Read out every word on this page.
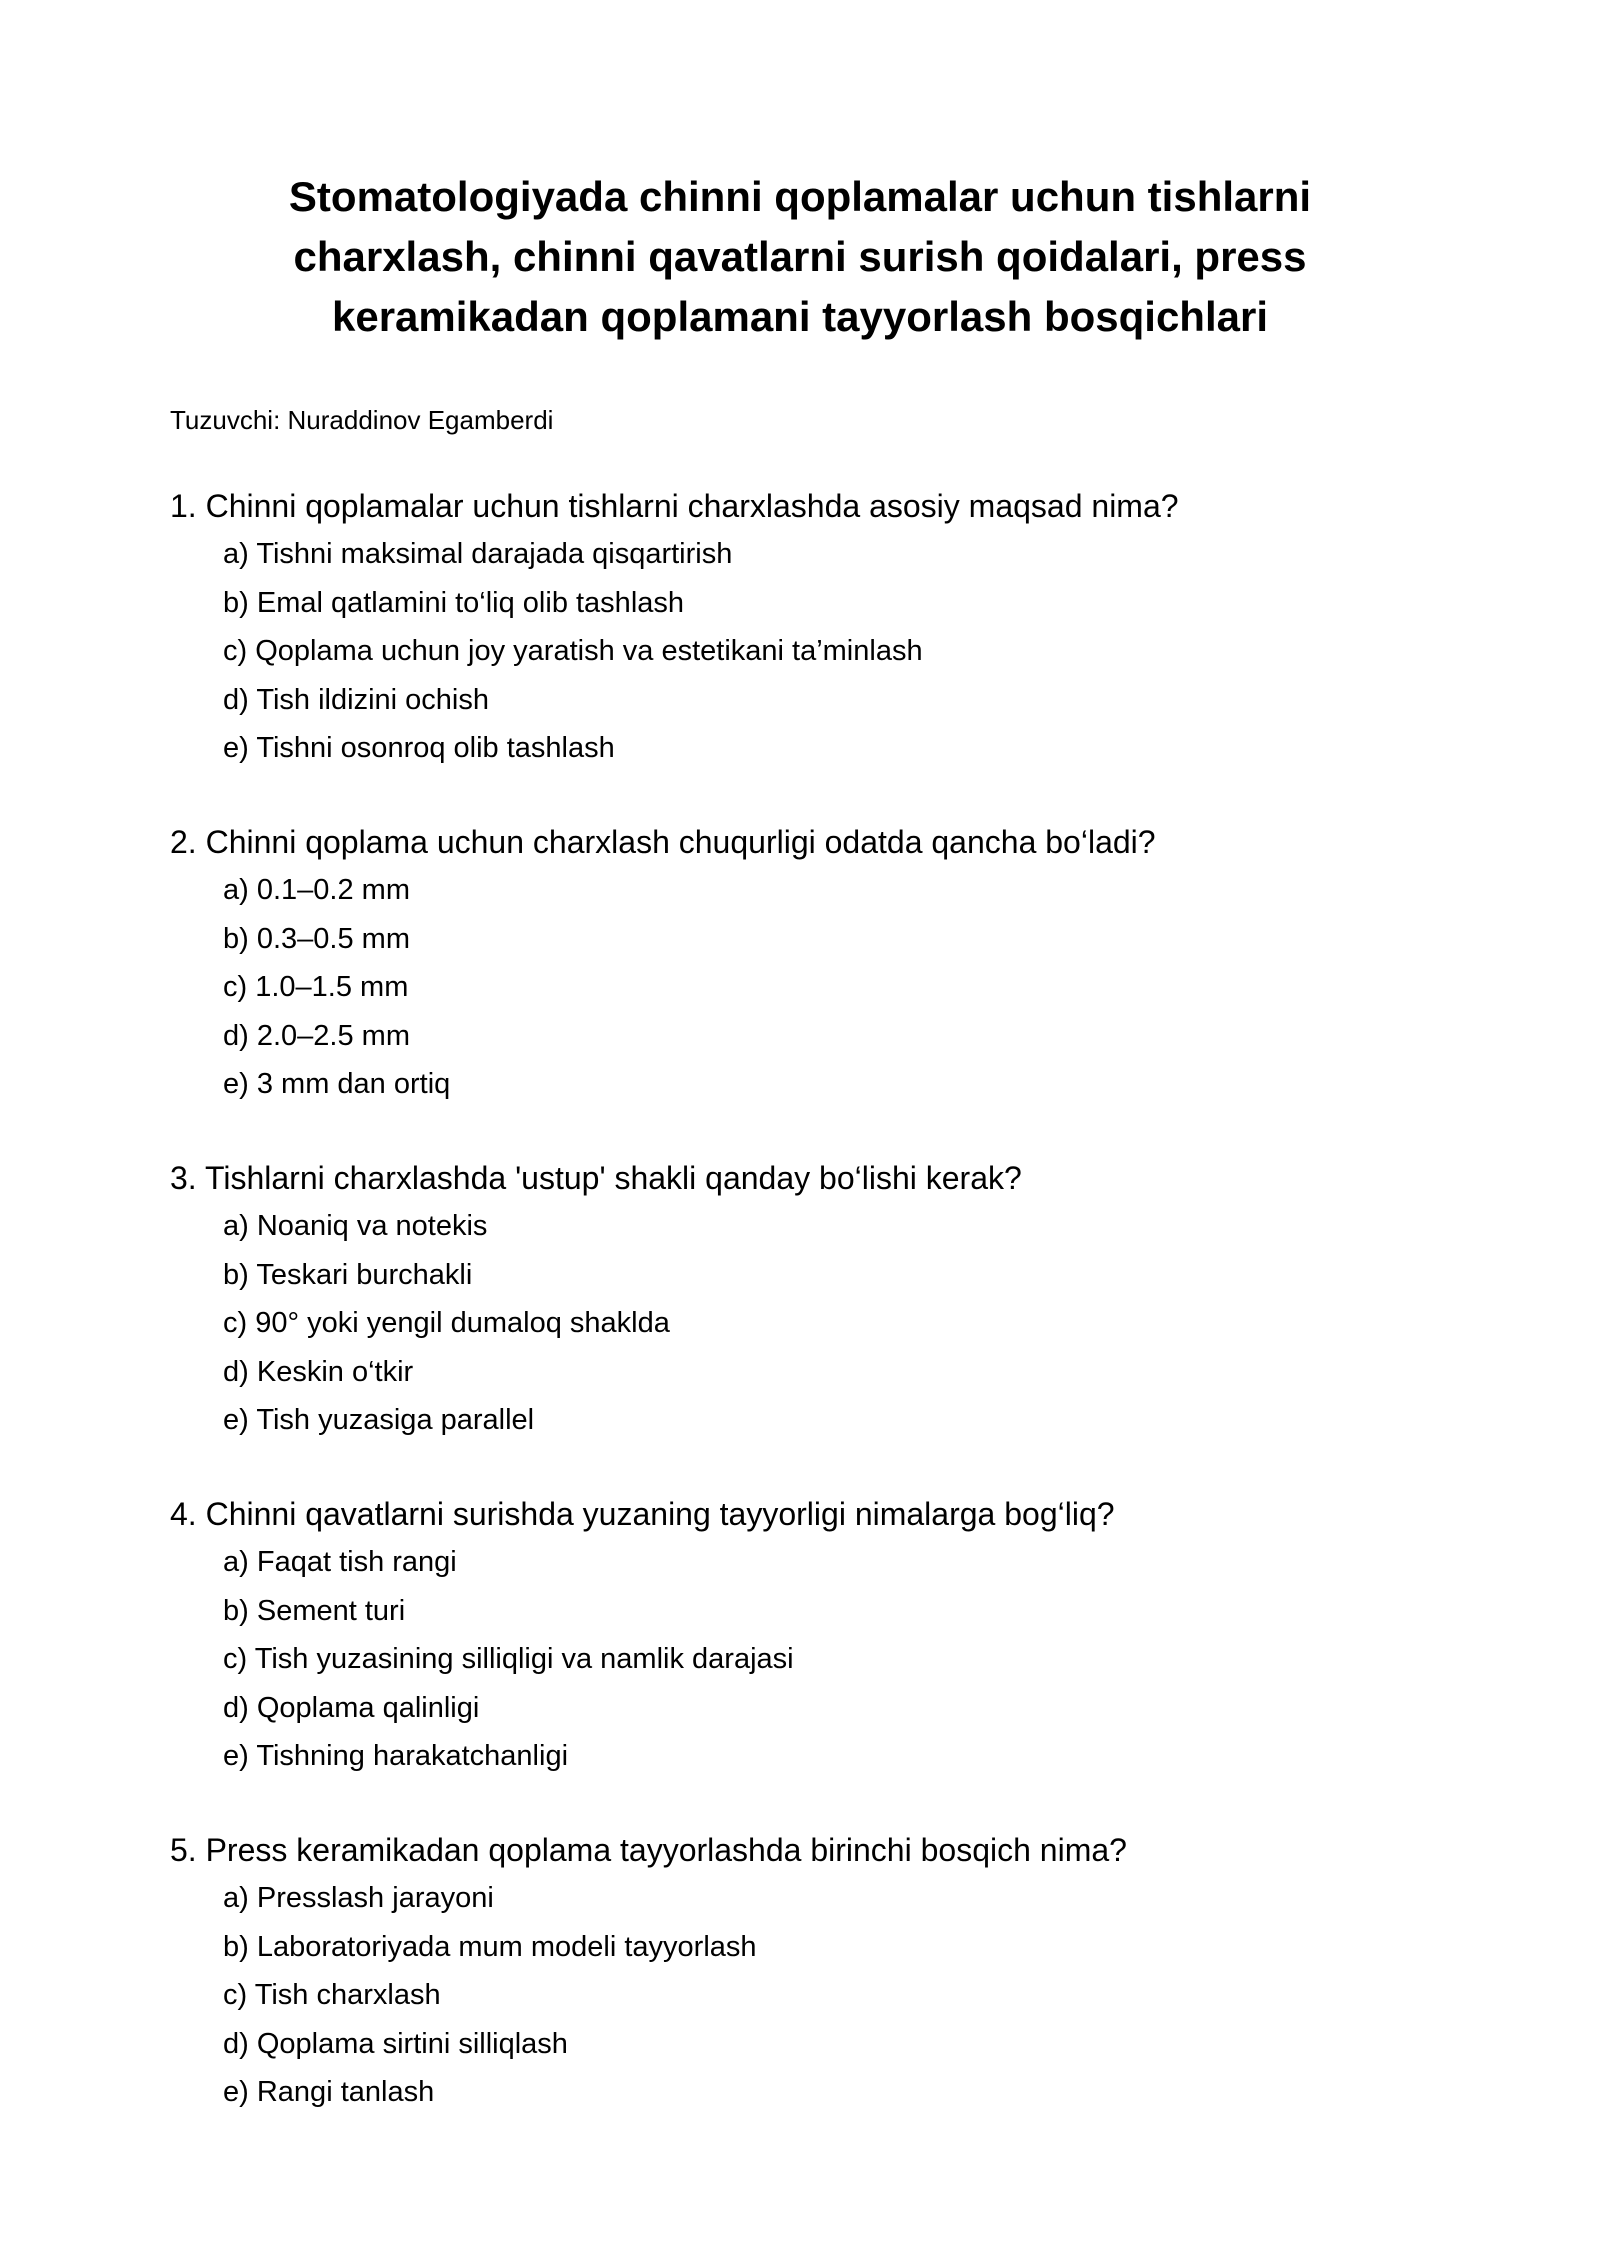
Stomatologiyada chinni qoplamalar uchun tishlarni
charxlash, chinni qavatlarni surish qoidalari, press
keramikadan qoplamani tayyorlash bosqichlari

Tuzuvchi: Nuraddinov Egamberdi

1. Chinni qoplamalar uchun tishlarni charxlashda asosiy maqsad nima?

a) Tishni maksimal darajada qisqartirish
b) Emal qatlamini to‘liq olib tashlash
c) Qoplama uchun joy yaratish va estetikani ta’minlash
d) Tish ildizini ochish
e) Tishni osonroq olib tashlash

2. Chinni qoplama uchun charxlash chuqurligi odatda qancha bo‘ladi?

a) 0.1–0.2 mm
b) 0.3–0.5 mm
c) 1.0–1.5 mm
d) 2.0–2.5 mm
e) 3 mm dan ortiq

3. Tishlarni charxlashda 'ustup' shakli qanday bo‘lishi kerak?

a) Noaniq va notekis
b) Teskari burchakli
c) 90° yoki yengil dumaloq shaklda
d) Keskin o‘tkir
e) Tish yuzasiga parallel

4. Chinni qavatlarni surishda yuzaning tayyorligi nimalarga bog‘liq?

a) Faqat tish rangi
b) Sement turi
c) Tish yuzasining silliqligi va namlik darajasi
d) Qoplama qalinligi
e) Tishning harakatchanligi

5. Press keramikadan qoplama tayyorlashda birinchi bosqich nima?

a) Presslash jarayoni
b) Laboratoriyada mum modeli tayyorlash
c) Tish charxlash
d) Qoplama sirtini silliqlash
e) Rangi tanlash
